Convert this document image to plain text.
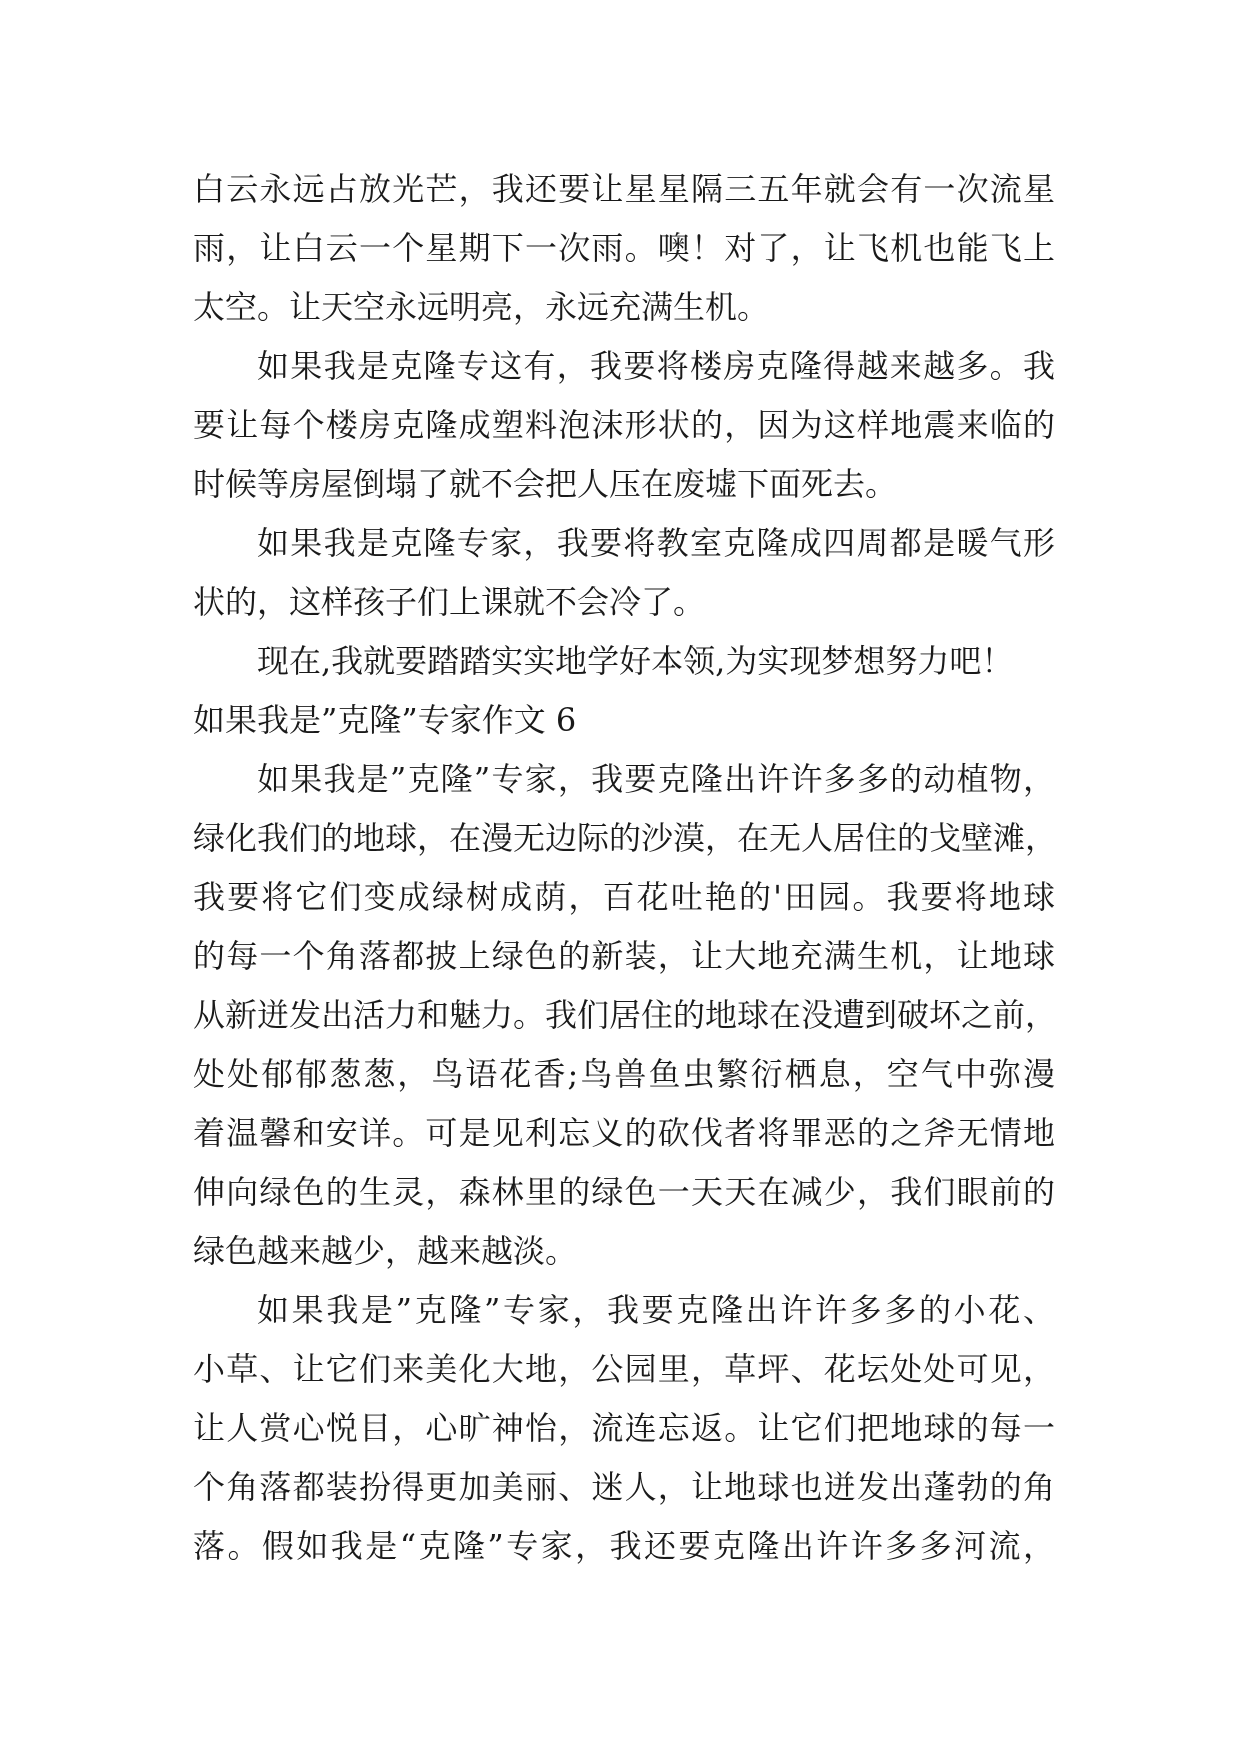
白云永远占放光芒，我还要让星星隔三五年就会有一次流星
雨，让白云一个星期下一次雨。噢！对了，让飞机也能飞上
太空。让天空永远明亮，永远充满生机。
如果我是克隆专这有，我要将楼房克隆得越来越多。我
要让每个楼房克隆成塑料泡沫形状的，因为这样地震来临的
时候等房屋倒塌了就不会把人压在废墟下面死去。
如果我是克隆专家，我要将教室克隆成四周都是暖气形
状的，这样孩子们上课就不会冷了。
现在,我就要踏踏实实地学好本领,为实现梦想努力吧！
如果我是”克隆”专家作文 6
如果我是”克隆”专家，我要克隆出许许多多的动植物，
绿化我们的地球，在漫无边际的沙漠，在无人居住的戈壁滩，
我要将它们变成绿树成荫，百花吐艳的'田园。我要将地球
的每一个角落都披上绿色的新装，让大地充满生机，让地球
从新迸发出活力和魅力。我们居住的地球在没遭到破坏之前，
处处郁郁葱葱，鸟语花香;鸟兽鱼虫繁衍栖息，空气中弥漫
着温馨和安详。可是见利忘义的砍伐者将罪恶的之斧无情地
伸向绿色的生灵，森林里的绿色一天天在减少，我们眼前的
绿色越来越少，越来越淡。
如果我是”克隆”专家，我要克隆出许许多多的小花、
小草、让它们来美化大地，公园里，草坪、花坛处处可见，
让人赏心悦目，心旷神怡，流连忘返。让它们把地球的每一
个角落都装扮得更加美丽、迷人，让地球也迸发出蓬勃的角
落。假如我是“克隆”专家，我还要克隆出许许多多河流，
